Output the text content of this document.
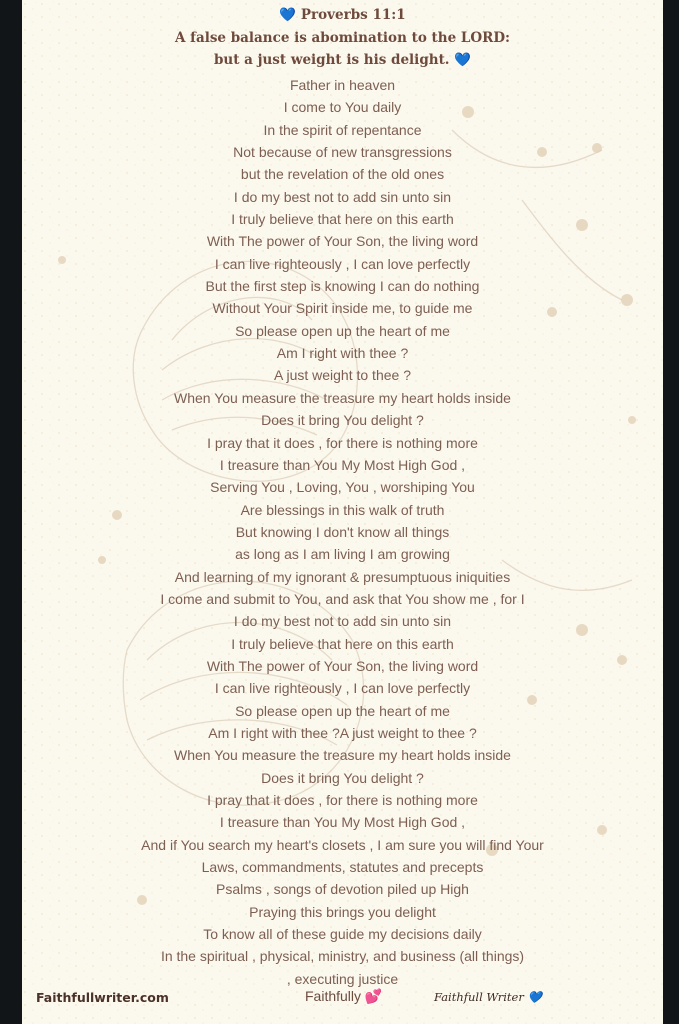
💙 Proverbs 11:1
A false balance is abomination to the LORD:
but a just weight is his delight. 💙
Father in heaven
I come to You daily
In the spirit of repentance
Not because of new transgressions
but the revelation of the old ones
I do my best not to add sin unto sin
I truly believe that here on this earth
With The power of Your Son, the living word
I can live righteously , I can love perfectly
But the first step is knowing I can do nothing
Without Your Spirit inside me, to guide me
So please open up the heart of me
Am I right with thee ?
A just weight to thee ?
When You measure the treasure my heart holds inside
Does it bring You delight ?
I pray that it does , for there is nothing more
I treasure than You My Most High God ,
Serving You , Loving, You , worshiping You
Are blessings in this walk of truth
But knowing I don't know all things
as long as I am living I am growing
And learning of my ignorant & presumptuous iniquities
I come and submit to You, and ask that You show me , for I
I do my best not to add sin unto sin
I truly believe that here on this earth
With The power of Your Son, the living word
I can live righteously , I can love perfectly
So please open up the heart of me
Am I right with thee ?A just weight to thee ?
When You measure the treasure my heart holds inside
Does it bring You delight ?
I pray that it does , for there is nothing more
I treasure than You My Most High God ,
And if You search my heart's closets , I am sure you will find Your
Laws, commandments, statutes and precepts
Psalms , songs of devotion piled up High
Praying this brings you delight
To know all of these guide my decisions daily
In the spiritual , physical, ministry, and business (all things)
, executing justice
Faithfullwriter.com	Faithfully 💕	Faithfull Writer 💙
